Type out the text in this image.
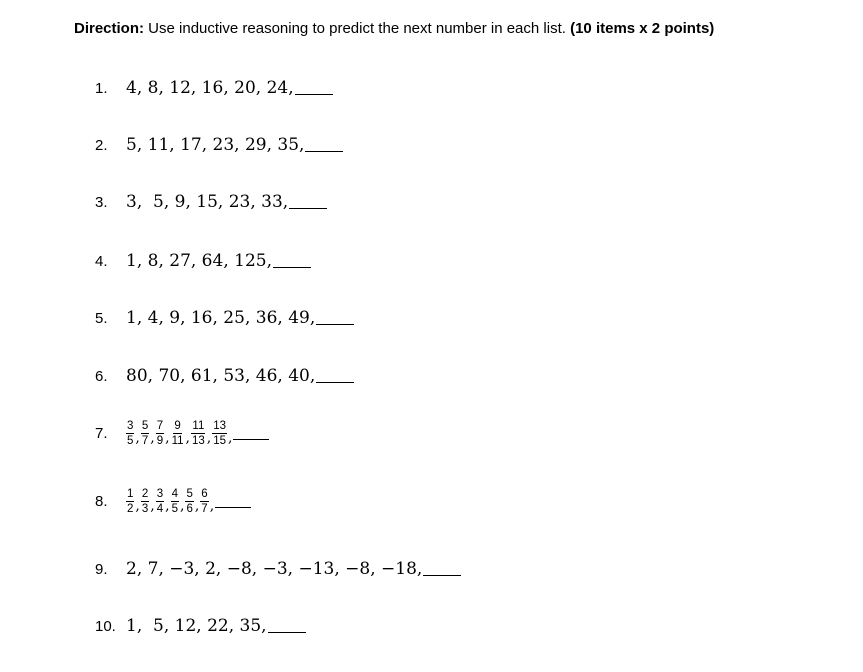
Direction: Use inductive reasoning to predict the next number in each list. (10 items x 2 points)
1.	4, 8, 12, 16, 20, 24,
2.	5, 11, 17, 23, 29, 35,
3.	3,  5, 9, 15, 23, 33,
4.	1, 8, 27, 64, 125,
5.	1, 4, 9, 16, 25, 36, 49,
6.	80, 70, 61, 53, 46, 40,
7.	$\frac{3}{5}$ , $\frac{5}{7}$ , $\frac{7}{9}$ , $\frac{9}{11}$ , $\frac{11}{13}$ , $\frac{13}{15}$ ,
8.	$\frac{1}{2}$ , $\frac{2}{3}$ , $\frac{3}{4}$ , $\frac{4}{5}$ , $\frac{5}{6}$ , $\frac{6}{7}$ ,
9.	2, 7, −3, 2, −8, −3, −13, −8, −18,
10. 1,  5, 12, 22, 35,
